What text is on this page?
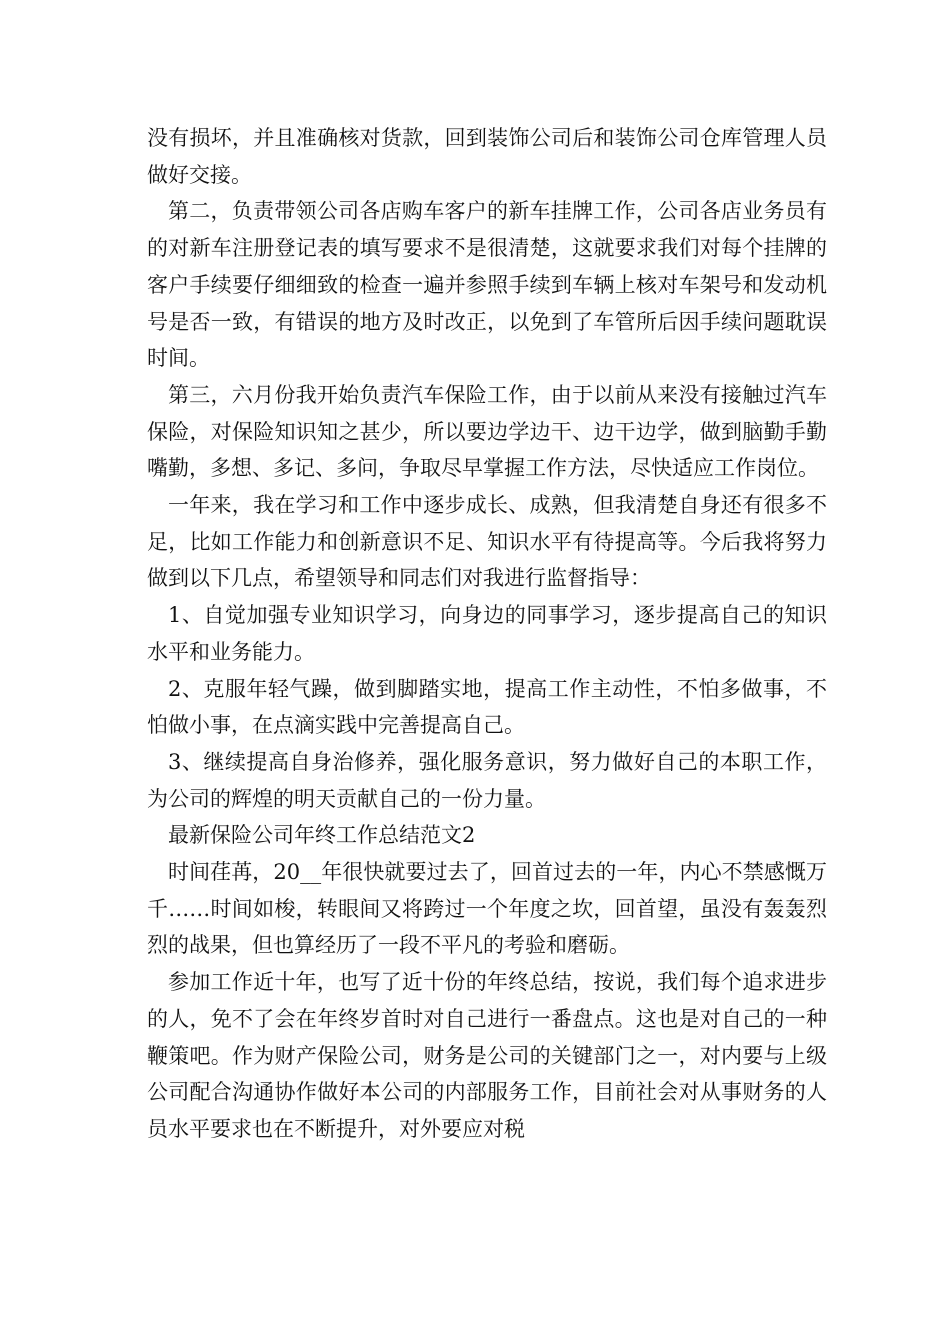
没有损坏，并且准确核对货款，回到装饰公司后和装饰公司仓库管理人员做好交接。

第二，负责带领公司各店购车客户的新车挂牌工作，公司各店业务员有的对新车注册登记表的填写要求不是很清楚，这就要求我们对每个挂牌的客户手续要仔细细致的检查一遍并参照手续到车辆上核对车架号和发动机号是否一致，有错误的地方及时改正，以免到了车管所后因手续问题耽误时间。

第三，六月份我开始负责汽车保险工作，由于以前从来没有接触过汽车保险，对保险知识知之甚少，所以要边学边干、边干边学，做到脑勤手勤嘴勤，多想、多记、多问，争取尽早掌握工作方法，尽快适应工作岗位。

一年来，我在学习和工作中逐步成长、成熟，但我清楚自身还有很多不足，比如工作能力和创新意识不足、知识水平有待提高等。今后我将努力做到以下几点，希望领导和同志们对我进行监督指导：

1、自觉加强专业知识学习，向身边的同事学习，逐步提高自己的知识水平和业务能力。

2、克服年轻气躁，做到脚踏实地，提高工作主动性，不怕多做事，不怕做小事，在点滴实践中完善提高自己。

3、继续提高自身治修养，强化服务意识，努力做好自己的本职工作，为公司的辉煌的明天贡献自己的一份力量。

最新保险公司年终工作总结范文2

时间荏苒，20__年很快就要过去了，回首过去的一年，内心不禁感慨万千……时间如梭，转眼间又将跨过一个年度之坎，回首望，虽没有轰轰烈烈的战果，但也算经历了一段不平凡的考验和磨砺。

参加工作近十年，也写了近十份的年终总结，按说，我们每个追求进步的人，免不了会在年终岁首时对自己进行一番盘点。这也是对自己的一种鞭策吧。作为财产保险公司，财务是公司的关键部门之一，对内要与上级公司配合沟通协作做好本公司的内部服务工作，目前社会对从事财务的人员水平要求也在不断提升，对外要应对税
